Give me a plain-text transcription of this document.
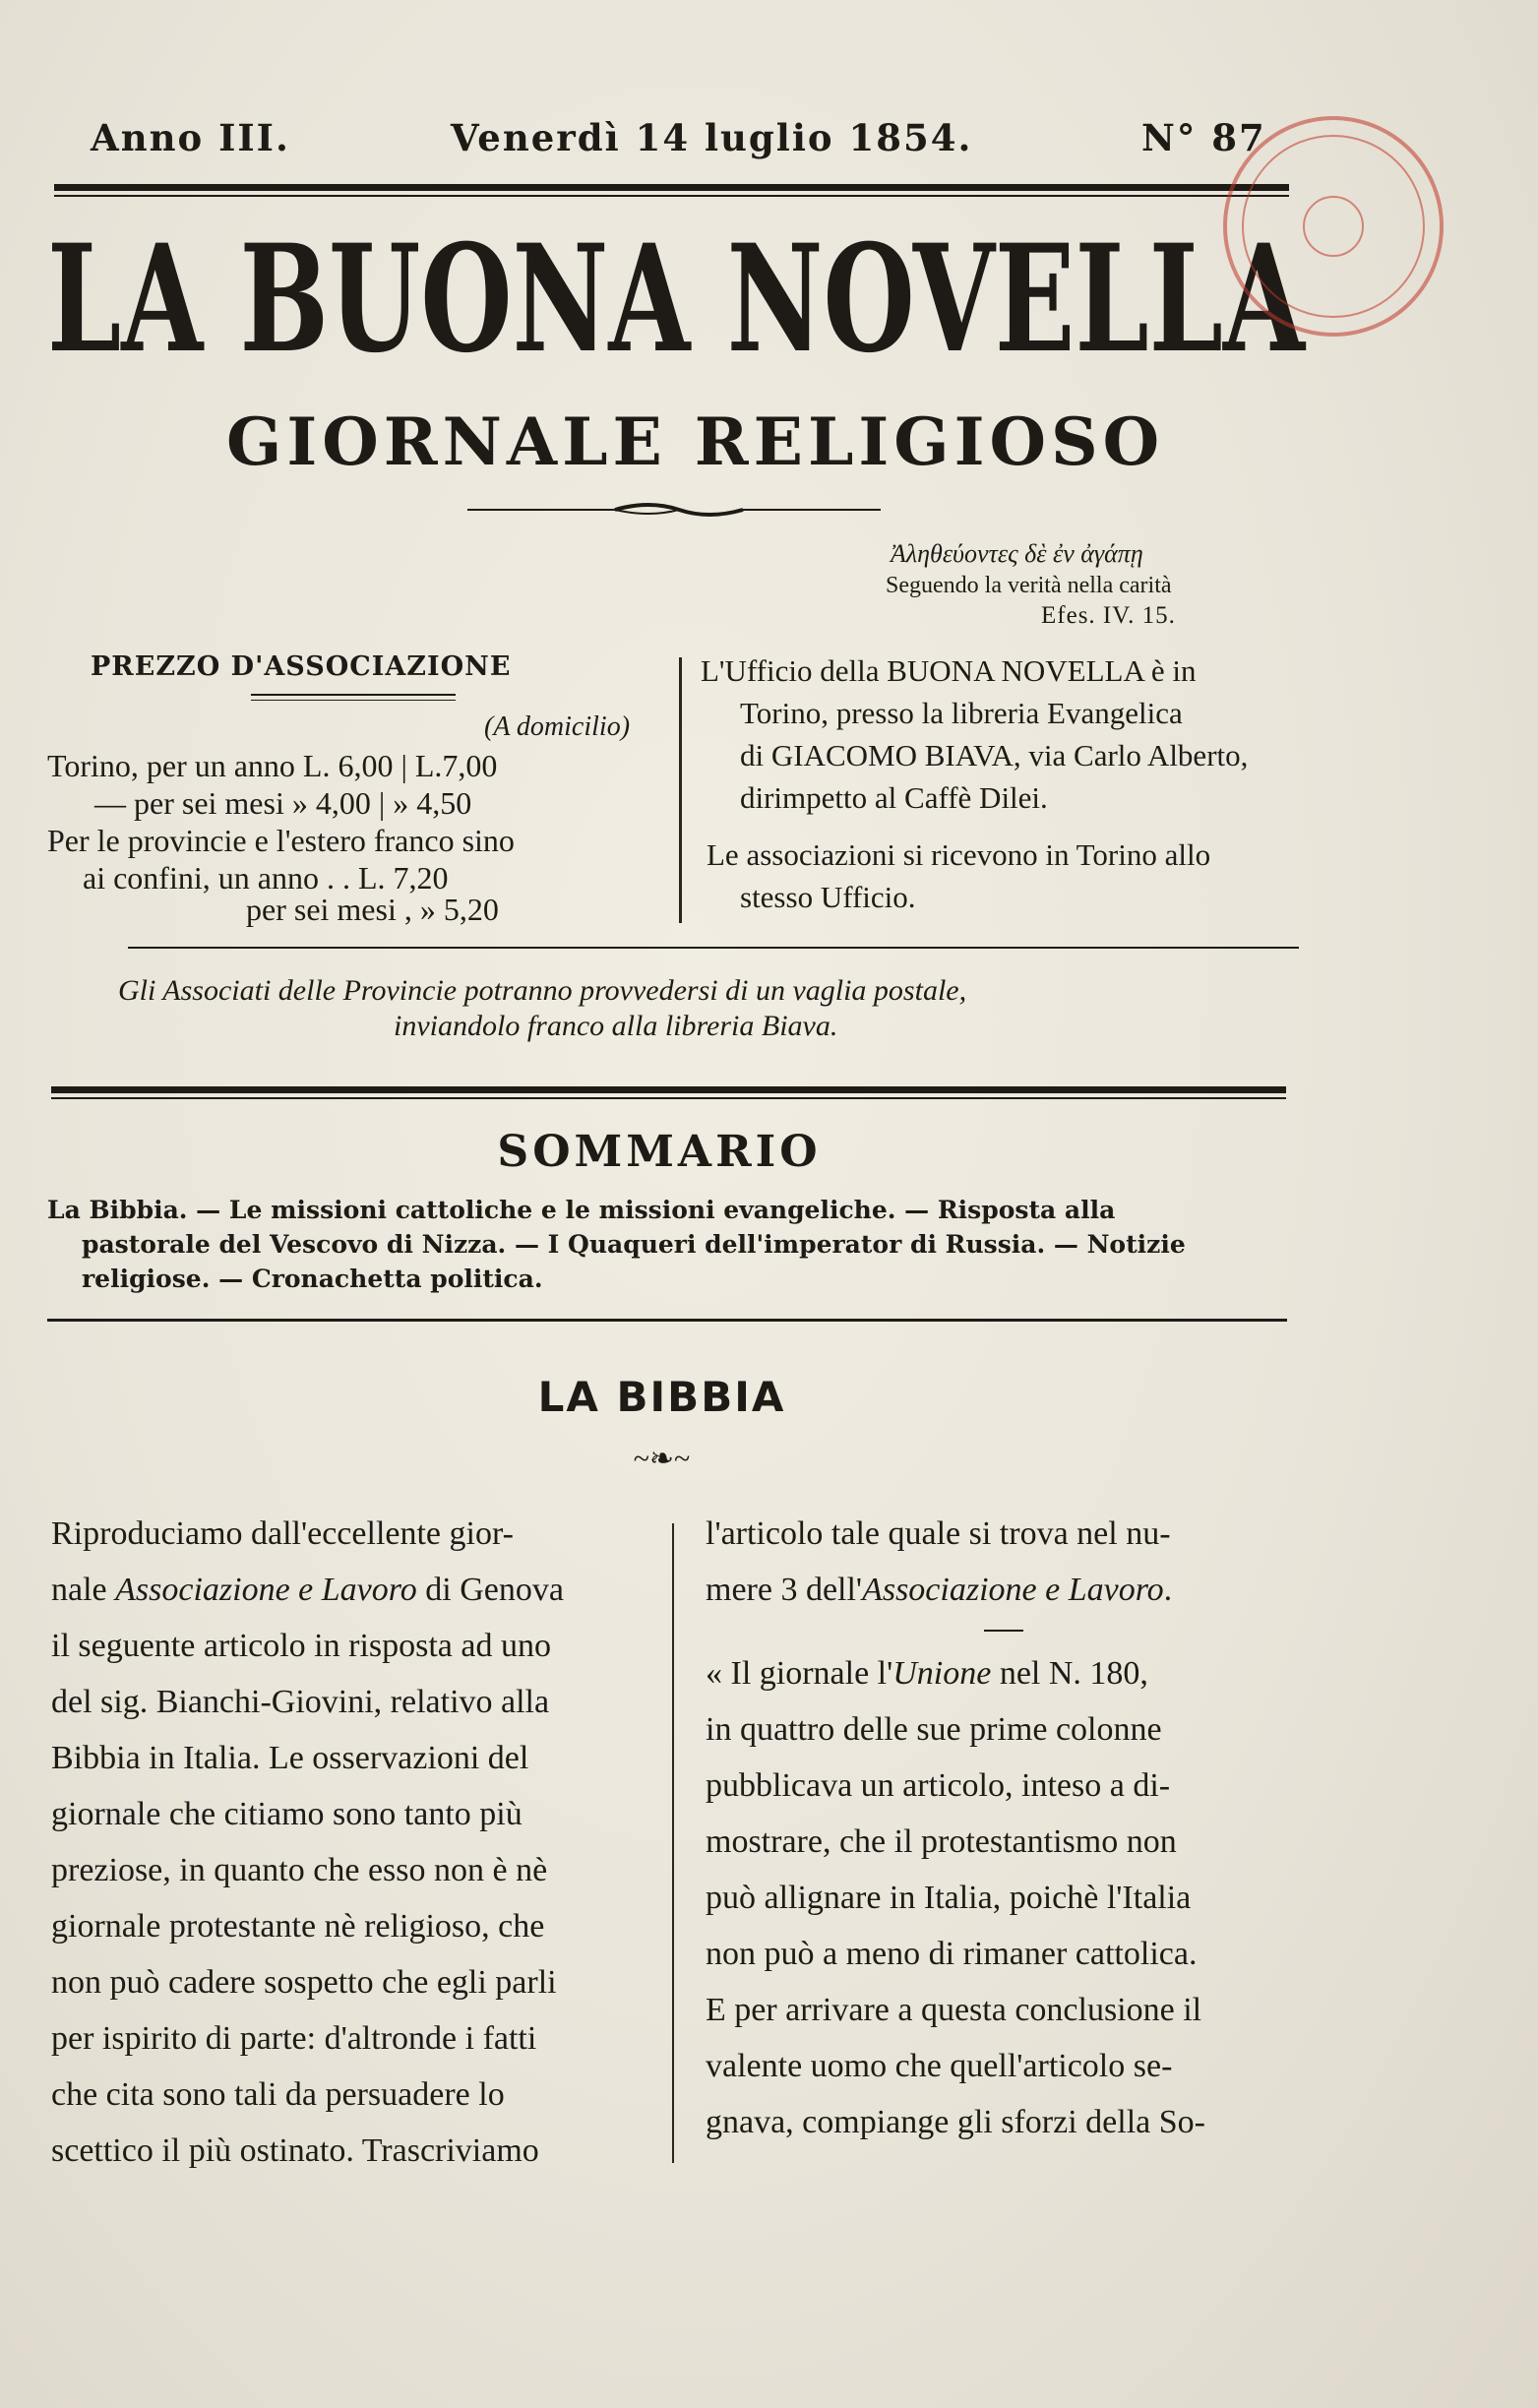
Anno III.	Venerdì 14 luglio 1854.	N° 87
LA BUONA NOVELLA
GIORNALE RELIGIOSO
Ἀληθεύοντες δὲ ἐν ἀγάπῃ
Seguendo la verità nella carità
Efes. IV. 15.
PREZZO D'ASSOCIAZIONE
(A domicilio)
Torino, per un anno L. 6,00 | L.7,00
— per sei mesi » 4,00 | » 4,50
Per le provincie e l'estero franco sino
ai confini, un anno . . L. 7,20
per sei mesi , » 5,20
L'Ufficio della BUONA NOVELLA è in
Torino, presso la libreria Evangelica
di GIACOMO BIAVA, via Carlo Alberto,
dirimpetto al Caffè Dilei.
Le associazioni si ricevono in Torino allo
stesso Ufficio.
Gli Associati delle Provincie potranno provvedersi di un vaglia postale,
inviandolo franco alla libreria Biava.
SOMMARIO
La Bibbia. — Le missioni cattoliche e le missioni evangeliche. — Risposta alla
pastorale del Vescovo di Nizza. — I Quaqueri dell'imperator di Russia. — Notizie
religiose. — Cronachetta politica.
LA BIBBIA
~❧~
Riproduciamo dall'eccellente gior-
nale Associazione e Lavoro di Genova
il seguente articolo in risposta ad uno
del sig. Bianchi-Giovini, relativo alla
Bibbia in Italia. Le osservazioni del
giornale che citiamo sono tanto più
preziose, in quanto che esso non è nè
giornale protestante nè religioso, che
non può cadere sospetto che egli parli
per ispirito di parte: d'altronde i fatti
che cita sono tali da persuadere lo
scettico il più ostinato. Trascriviamo
l'articolo tale quale si trova nel nu-
mere 3 dell'Associazione e Lavoro.
« Il giornale l'Unione nel N. 180,
in quattro delle sue prime colonne
pubblicava un articolo, inteso a di-
mostrare, che il protestantismo non
può allignare in Italia, poichè l'Italia
non può a meno di rimaner cattolica.
E per arrivare a questa conclusione il
valente uomo che quell'articolo se-
gnava, compiange gli sforzi della So-
